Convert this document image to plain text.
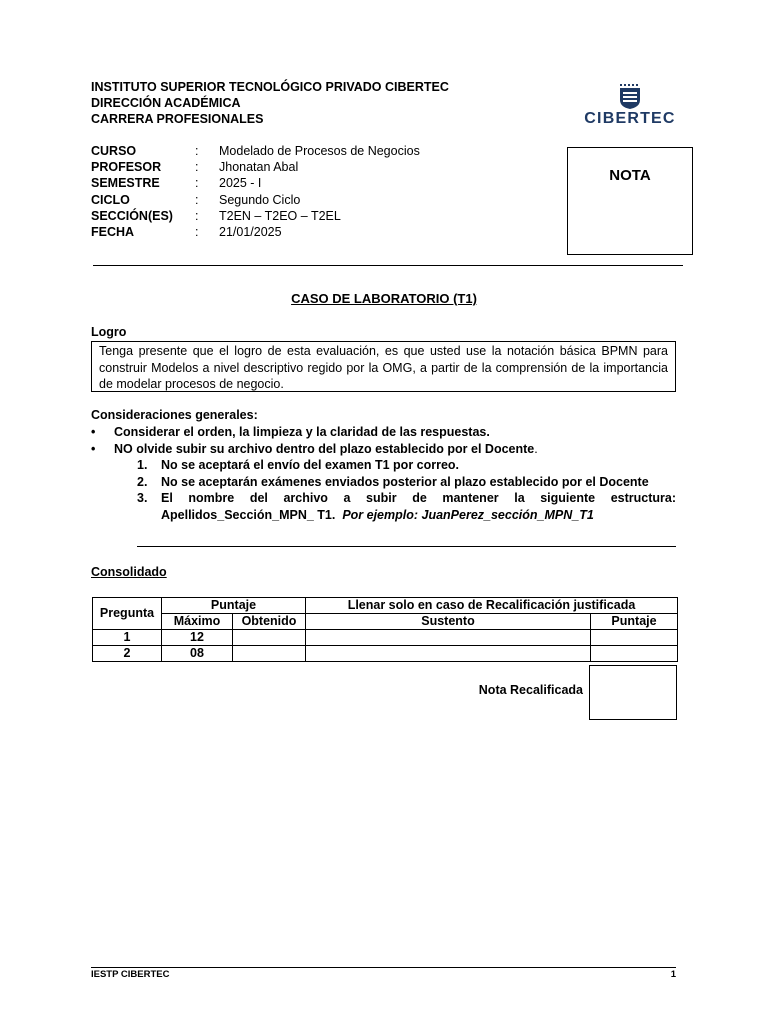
INSTITUTO SUPERIOR TECNOLÓGICO PRIVADO CIBERTEC
DIRECCIÓN ACADÉMICA
CARRERA PROFESIONALES	CIBERTEC
CURSO	:	Modelado de Procesos de Negocios
PROFESOR	:	Jhonatan Abal
SEMESTRE	:	2025 - I
CICLO	:	Segundo Ciclo
SECCIÓN(ES)	:	T2EN – T2EO – T2EL
FECHA	:	21/01/2025
NOTA
CASO DE LABORATORIO (T1)
Logro
Tenga presente que el logro de esta evaluación, es que usted use la notación básica BPMN para construir Modelos a nivel descriptivo regido por la OMG, a partir de la comprensión de la importancia de modelar procesos de negocio.
Consideraciones generales:
•	Considerar el orden, la limpieza y la claridad de las respuestas.
•	NO olvide subir su archivo dentro del plazo establecido por el Docente.
1.	No se aceptará el envío del examen T1 por correo.
2.	No se aceptarán exámenes enviados posterior al plazo establecido por el Docente
3.	El nombre del archivo a subir de mantener la siguiente estructura: Apellidos_Sección_MPN_ T1. Por ejemplo: JuanPerez_sección_MPN_T1
Consolidado
Pregunta	Puntaje		Llenar solo en caso de Recalificación justificada	
	Máximo	Obtenido	Sustento	Puntaje
1	12			
2	08			
Nota Recalificada
IESTP CIBERTEC	1
